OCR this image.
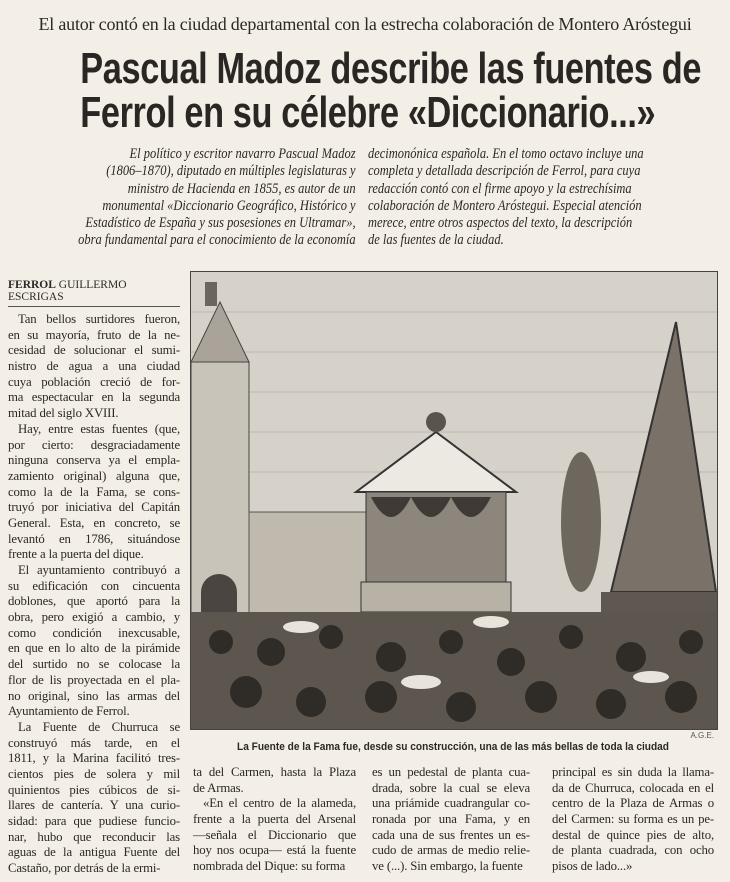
El autor contó en la ciudad departamental con la estrecha colaboración de Montero Aróstegui
Pascual Madoz describe las fuentes de
Ferrol en su célebre «Diccionario...»
El político y escritor navarro Pascual Madoz
(1806–1870), diputado en múltiples legislaturas y
ministro de Hacienda en 1855, es autor de un
monumental «Diccionario Geográfico, Histórico y
Estadístico de España y sus posesiones en Ultramar»,
obra fundamental para el conocimiento de la economía
decimonónica española. En el tomo octavo incluye una
completa y detallada descripción de Ferrol, para cuya
redacción contó con el firme apoyo y la estrechísima
colaboración de Montero Aróstegui. Especial atención
merece, entre otros aspectos del texto, la descripción
de las fuentes de la ciudad.
FERROL GUILLERMO ESCRIGAS
A.G.E.
La Fuente de la Fama fue, desde su construcción, una de las más bellas de toda la ciudad
Tan bellos surtidores fueron,
en su mayoría, fruto de la ne-
cesidad de solucionar el sumi-
nistro de agua a una ciudad
cuya población creció de for-
ma espectacular en la segunda
mitad del siglo XVIII.
Hay, entre estas fuentes (que,
por cierto: desgraciadamente
ninguna conserva ya el empla-
zamiento original) alguna que,
como la de la Fama, se cons-
truyó por iniciativa del Capitán
General. Esta, en concreto, se
levantó en 1786, situándose
frente a la puerta del dique.
El ayuntamiento contribuyó a
su edificación con cincuenta
doblones, que aportó para la
obra, pero exigió a cambio, y
como condición inexcusable,
en que en lo alto de la pirámide
del surtido no se colocase la
flor de lis proyectada en el pla-
no original, sino las armas del
Ayuntamiento de Ferrol.
La Fuente de Churruca se
construyó más tarde, en el
1811, y la Marina facilitó tres-
cientos pies de solera y mil
quinientos pies cúbicos de si-
llares de cantería. Y una curio-
sidad: para que pudiese funcio-
nar, hubo que reconducir las
aguas de la antigua Fuente del
Castaño, por detrás de la ermi-
ta del Carmen, hasta la Plaza
de Armas.
«En el centro de la alameda,
frente a la puerta del Arsenal
—señala el Diccionario que
hoy nos ocupa— está la fuente
nombrada del Dique: su forma
es un pedestal de planta cua-
drada, sobre la cual se eleva
una priámide cuadrangular co-
ronada por una Fama, y en
cada una de sus frentes un es-
cudo de armas de medio relie-
ve (...). Sin embargo, la fuente
principal es sin duda la llama-
da de Churruca, colocada en el
centro de la Plaza de Armas o
del Carmen: su forma es un pe-
destal de quince pies de alto,
de planta cuadrada, con ocho
pisos de lado...»
